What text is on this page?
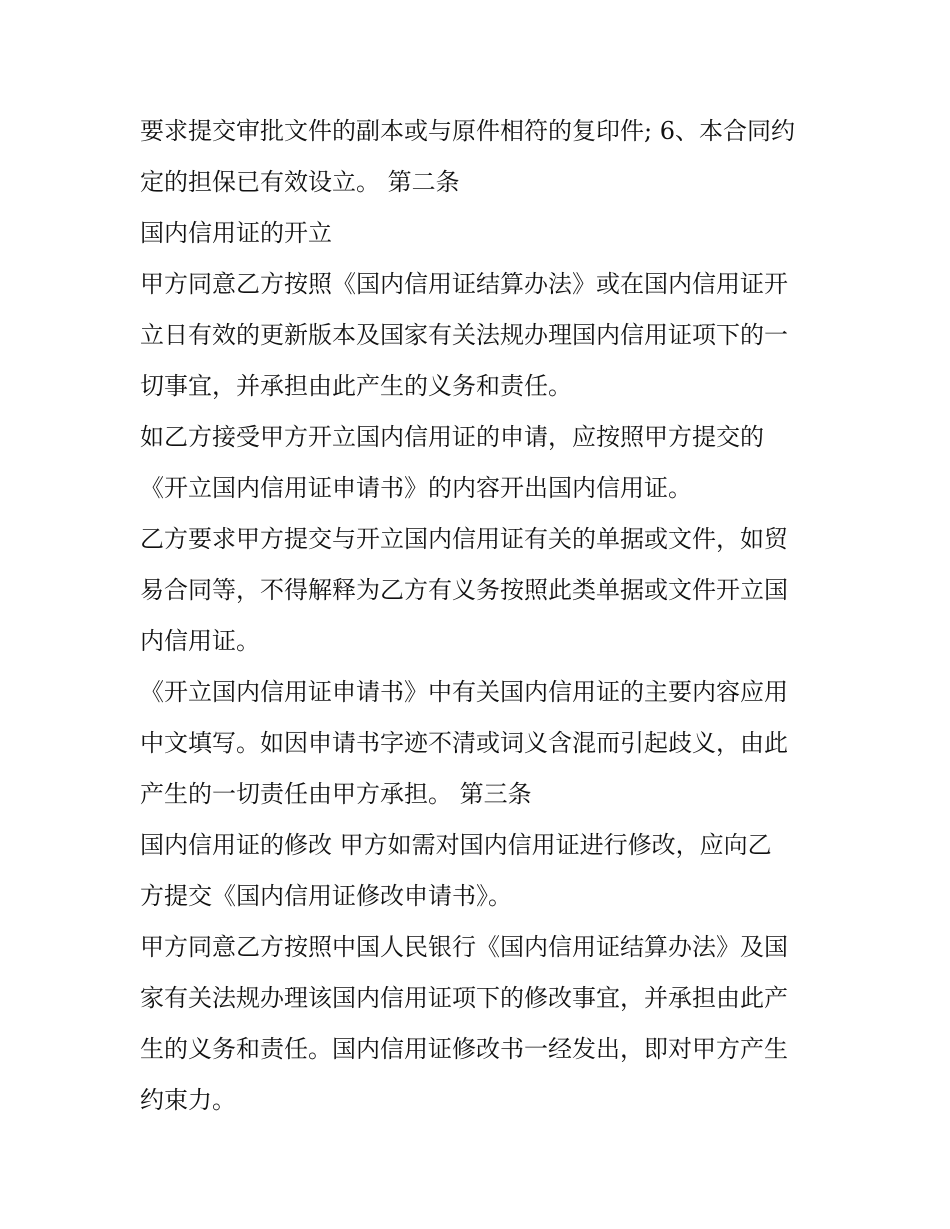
要求提交审批文件的副本或与原件相符的复印件; 6、本合同约
定的担保已有效设立。 第二条
国内信用证的开立
甲方同意乙方按照《国内信用证结算办法》或在国内信用证开
立日有效的更新版本及国家有关法规办理国内信用证项下的一
切事宜，并承担由此产生的义务和责任。
如乙方接受甲方开立国内信用证的申请，应按照甲方提交的
《开立国内信用证申请书》的内容开出国内信用证。
乙方要求甲方提交与开立国内信用证有关的单据或文件，如贸
易合同等，不得解释为乙方有义务按照此类单据或文件开立国
内信用证。
《开立国内信用证申请书》中有关国内信用证的主要内容应用
中文填写。如因申请书字迹不清或词义含混而引起歧义，由此
产生的一切责任由甲方承担。 第三条
国内信用证的修改 甲方如需对国内信用证进行修改，应向乙
方提交《国内信用证修改申请书》。
甲方同意乙方按照中国人民银行《国内信用证结算办法》及国
家有关法规办理该国内信用证项下的修改事宜，并承担由此产
生的义务和责任。国内信用证修改书一经发出，即对甲方产生
约束力。
